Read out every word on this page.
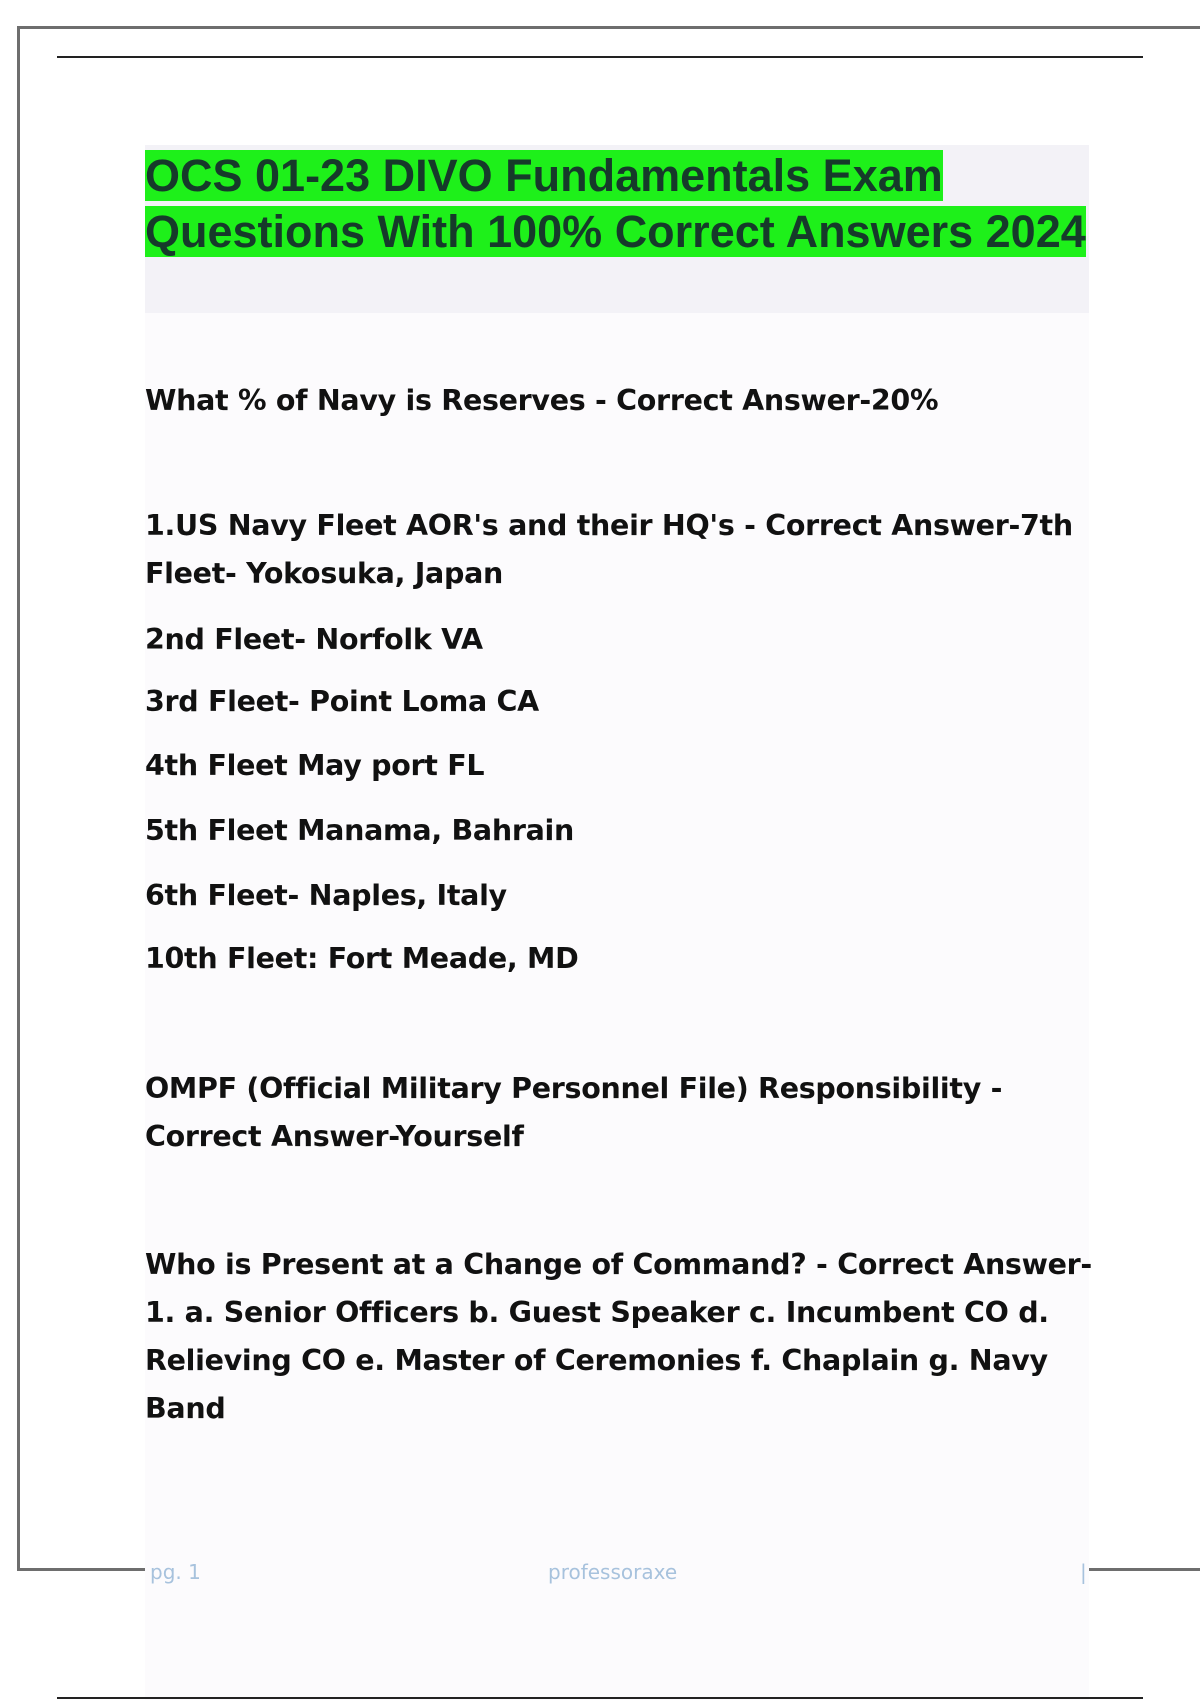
OCS 01-23 DIVO Fundamentals Exam Questions With 100% Correct Answers 2024

What % of Navy is Reserves - Correct Answer-20%

1.US Navy Fleet AOR's and their HQ's - Correct Answer-7th Fleet- Yokosuka, Japan

2nd Fleet- Norfolk VA
3rd Fleet- Point Loma CA
4th Fleet May port FL
5th Fleet Manama, Bahrain
6th Fleet- Naples, Italy
10th Fleet: Fort Meade, MD

OMPF (Official Military Personnel File) Responsibility - Correct Answer-Yourself

Who is Present at a Change of Command? - Correct Answer-1. a. Senior Officers b. Guest Speaker c. Incumbent CO d. Relieving CO e. Master of Ceremonies f. Chaplain g. Navy Band

pg. 1	professoraxe	|
